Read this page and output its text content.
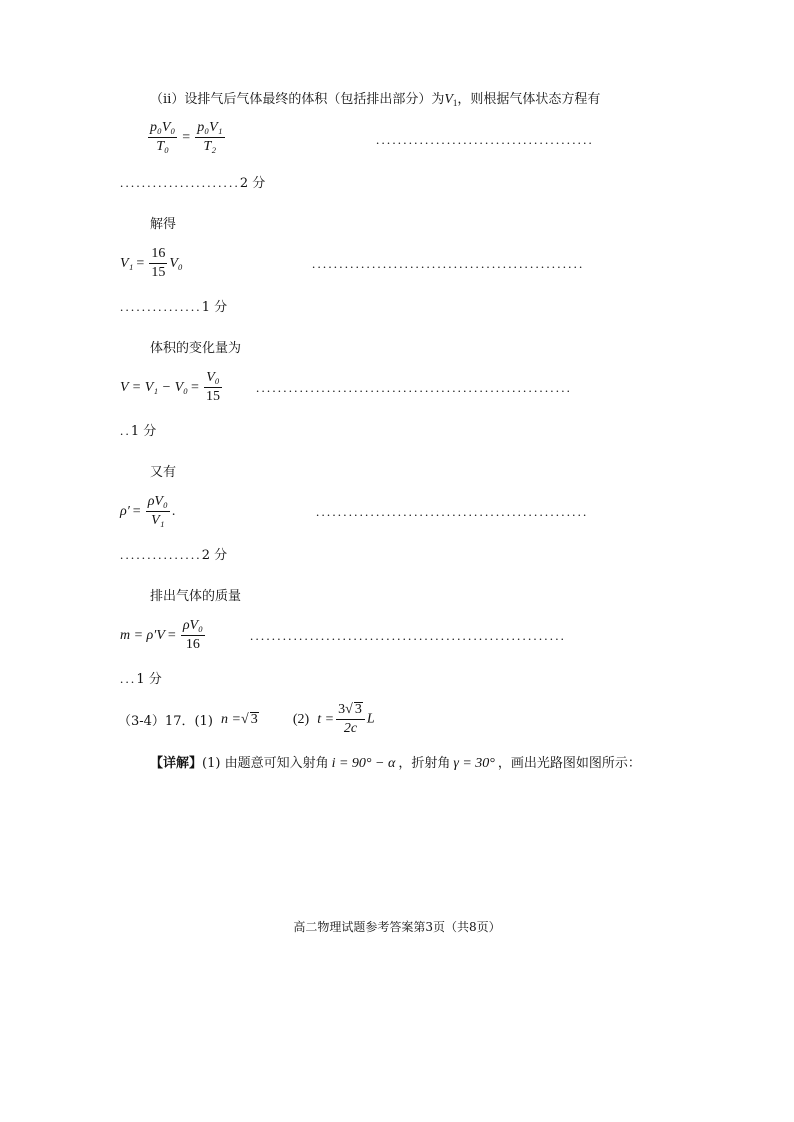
（ⅱ）设排气后气体最终的体积（包括排出部分）为$V_1$，则根据气体状态方程有
$\frac{\text{p₀V₀}}{\text{T₀}} = \frac{\text{p₀V₁}}{\text{T₂}}$	........................................
......................2 分
解得
$V_1 = \frac{16}{15} V_0$	..................................................
...............1 分
体积的变化量为
$V = V_1 - V_0 = \frac{\text{V₀}}{15}$	..........................................................
..1 分
又有
$\rho' = \frac{\text{ρV₀}}{\text{V₁}}$ .	..................................................
...............2 分
排出气体的质量
$m = \rho'V = \frac{\text{ρV₀}}{16}$	..........................................................
...1 分
（3-4）17．(1) n =√ 3	(2) $t = \frac{3√ 3}{2c}$ L
【详解】(1) 由题意可知入射角 i = 90° − α ，折射角 γ = 30° ，画出光路图如图所示：
高二物理试题参考答案第3页（共8页）
